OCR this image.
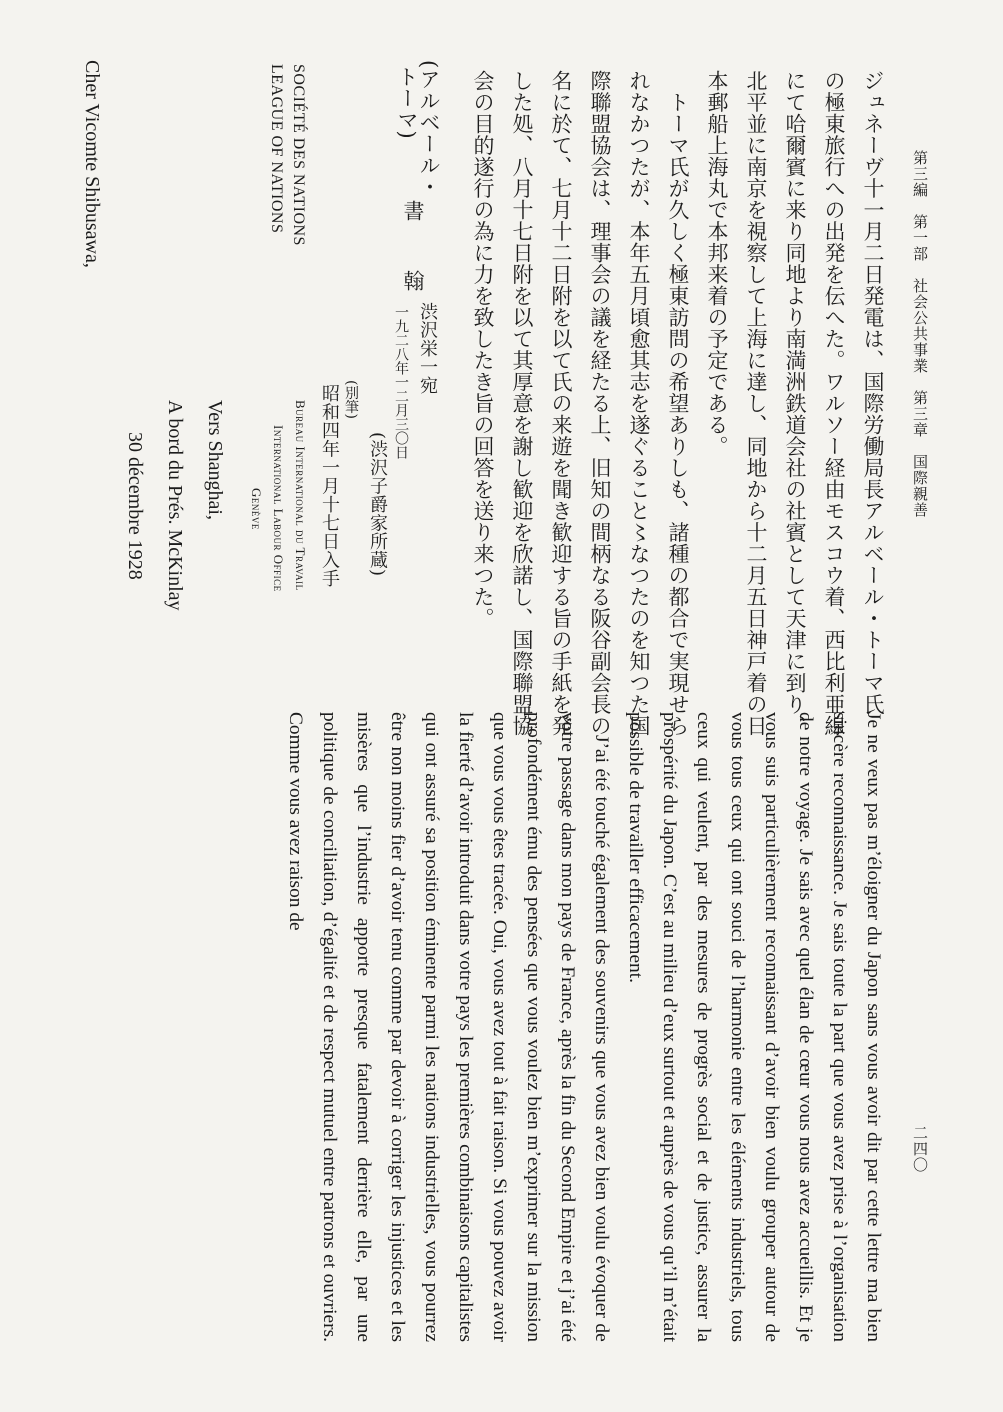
第三編　第一部　社会公共事業　第三章　国際親善
二四〇
ジュネーヴ十一月二日発電は、国際労働局長アルベール・トーマ氏
の極東旅行への出発を伝へた。ワルソー経由モスコウ着、西比利亜線
にて哈爾賓に来り同地より南満洲鉄道会社の社賓として天津に到り、
北平並に南京を視察して上海に達し、同地から十二月五日神戸着の日
本郵船上海丸で本邦来着の予定である。
　トーマ氏が久しく極東訪問の希望ありしも、諸種の都合で実現せら
れなかつたが、本年五月頃愈其志を遂ぐること〻なつたのを知つた国
際聯盟協会は、理事会の議を経たる上、旧知の間柄なる阪谷副会長の
名に於て、七月十二日附を以て氏の来遊を聞き歓迎する旨の手紙を発
した処、八月十七日附を以て其厚意を謝し歓迎を欣諾し、国際聯盟協
会の目的遂行の為に力を致したき旨の回答を送り来つた。
(アルベール・
トーマ)
書　翰
渋沢栄一宛
一九二八年一二月三〇日
(渋沢子爵家所蔵)
(別筆)
昭和四年一月十七日入手
SOCIÉTÉ DES NATIONS
LEAGUE OF NATIONS
Bureau International du Travail
International Labour Office
Genève
Vers Shanghai,
A bord du Prés. McKinlay
30 décembre 1928
Cher Vicomte Shibusawa,

Je ne veux pas m’éloigner du Japon sans vous avoir dit par cette lettre ma bien sincère reconnaissance. Je sais toute la part que vous avez prise à l’organisation de notre voyage. Je sais avec quel élan de cœur vous nous avez accueillis. Et je vous suis particulièrement reconnaissant d’avoir bien voulu grouper autour de vous tous ceux qui ont souci de l’harmonie entre les éléments industriels, tous ceux qui veulent, par des mesures de progrès social et de justice, assurer la prospérité du Japon. C’est au milieu d’eux surtout et auprès de vous qu’il m’était possible de travailler efficacement.

J’ai été touché également des souvenirs que vous avez bien voulu évoquer de votre passage dans mon pays de France, après la fin du Second Empire et j’ai été profondément ému des pensées que vous voulez bien m’exprimer sur la mission que vous vous êtes tracée. Oui, vous avez tout à fait raison. Si vous pouvez avoir la fierté d’avoir introduit dans votre pays les premières combinaisons capitalistes qui ont assuré sa position éminente parmi les nations industrielles, vous pourrez être non moins fier d’avoir tenu comme par devoir à corriger les injustices et les misères que l’industrie apporte presque fatalement derrière elle, par une politique de conciliation, d’égalité et de respect mutuel entre patrons et ouvriers. Comme vous avez raison de
